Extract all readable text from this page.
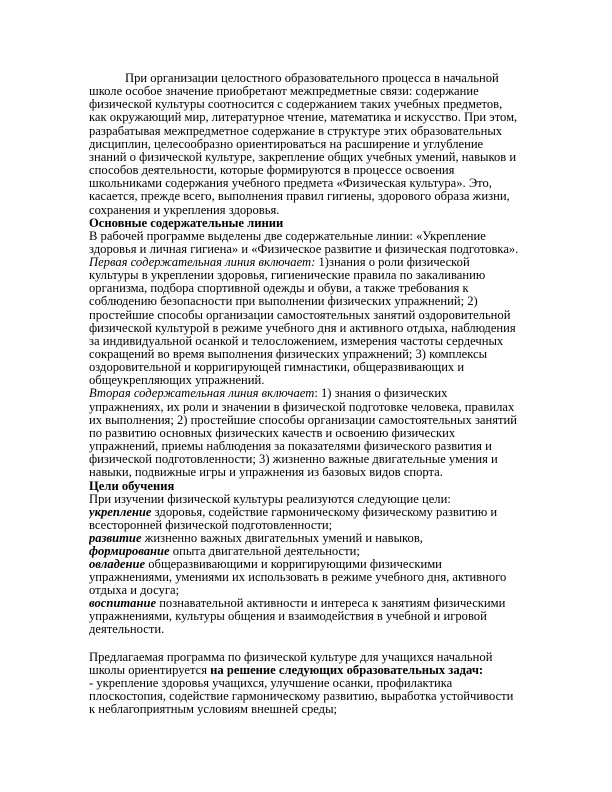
При организации целостного образовательного процесса в начальной школе особое значение приобретают межпредметные связи: содержание физической культуры соотносится с содержанием таких учебных предметов, как окружающий мир, литературное чтение, математика и искусство. При этом, разрабатывая межпредметное содержание в структуре этих образовательных дисциплин, целесообразно ориентироваться на расширение и углубление знаний о физической культуре, закрепление общих учебных умений, навыков и способов деятельности, которые формируются в процессе освоения школьниками содержания учебного предмета «Физическая культура». Это, касается, прежде всего, выполнения правил гигиены, здорового образа жизни, сохранения и укрепления здоровья.

Основные содержательные линии

В рабочей программе выделены две содержательные линии: «Укрепление здоровья и личная гигиена» и «Физическое развитие и физическая подготовка».

Первая содержательная линия включает: 1)знания о роли физической культуры в укреплении здоровья, гигиенические правила по закаливанию организма, подбора спортивной одежды и обуви, а также требования к соблюдению безопасности при выполнении физических упражнений; 2) простейшие способы организации самостоятельных занятий оздоровительной физической культурой в режиме учебного дня и активного отдыха, наблюдения за индивидуальной осанкой и телосложением, измерения частоты сердечных сокращений во время выполнения физических упражнений; 3) комплексы оздоровительной и корригирующей гимнастики, общеразвивающих и общеукрепляющих упражнений.

Вторая содержательная линия включает: 1) знания о физических упражнениях, их роли и значении в физической подготовке человека, правилах их выполнения; 2) простейшие способы организации самостоятельных занятий по развитию основных физических качеств и освоению физических упражнений, приемы наблюдения за показателями физического развития и физической подготовленности; 3) жизненно важные двигательные умения и навыки, подвижные игры и упражнения из базовых видов спорта.

Цели обучения

При изучении физической культуры реализуются следующие цели:

укрепление здоровья, содействие гармоническому физическому развитию и всесторонней физической подготовленности;

развитие жизненно важных двигательных умений и навыков,

формирование опыта двигательной деятельности;

овладение общеразвивающими и корригирующими физическими упражнениями, умениями их использовать в режиме учебного дня, активного отдыха и досуга;

воспитание познавательной активности и интереса к занятиям физическими упражнениями, культуры общения и взаимодействия в учебной и игровой деятельности.

Предлагаемая программа по физической культуре для учащихся начальной школы ориентируется на решение следующих образовательных задач:

- укрепление здоровья учащихся, улучшение осанки, профилактика плоскостопия, содействие гармоническому развитию, выработка устойчивости к неблагоприятным условиям внешней среды;
